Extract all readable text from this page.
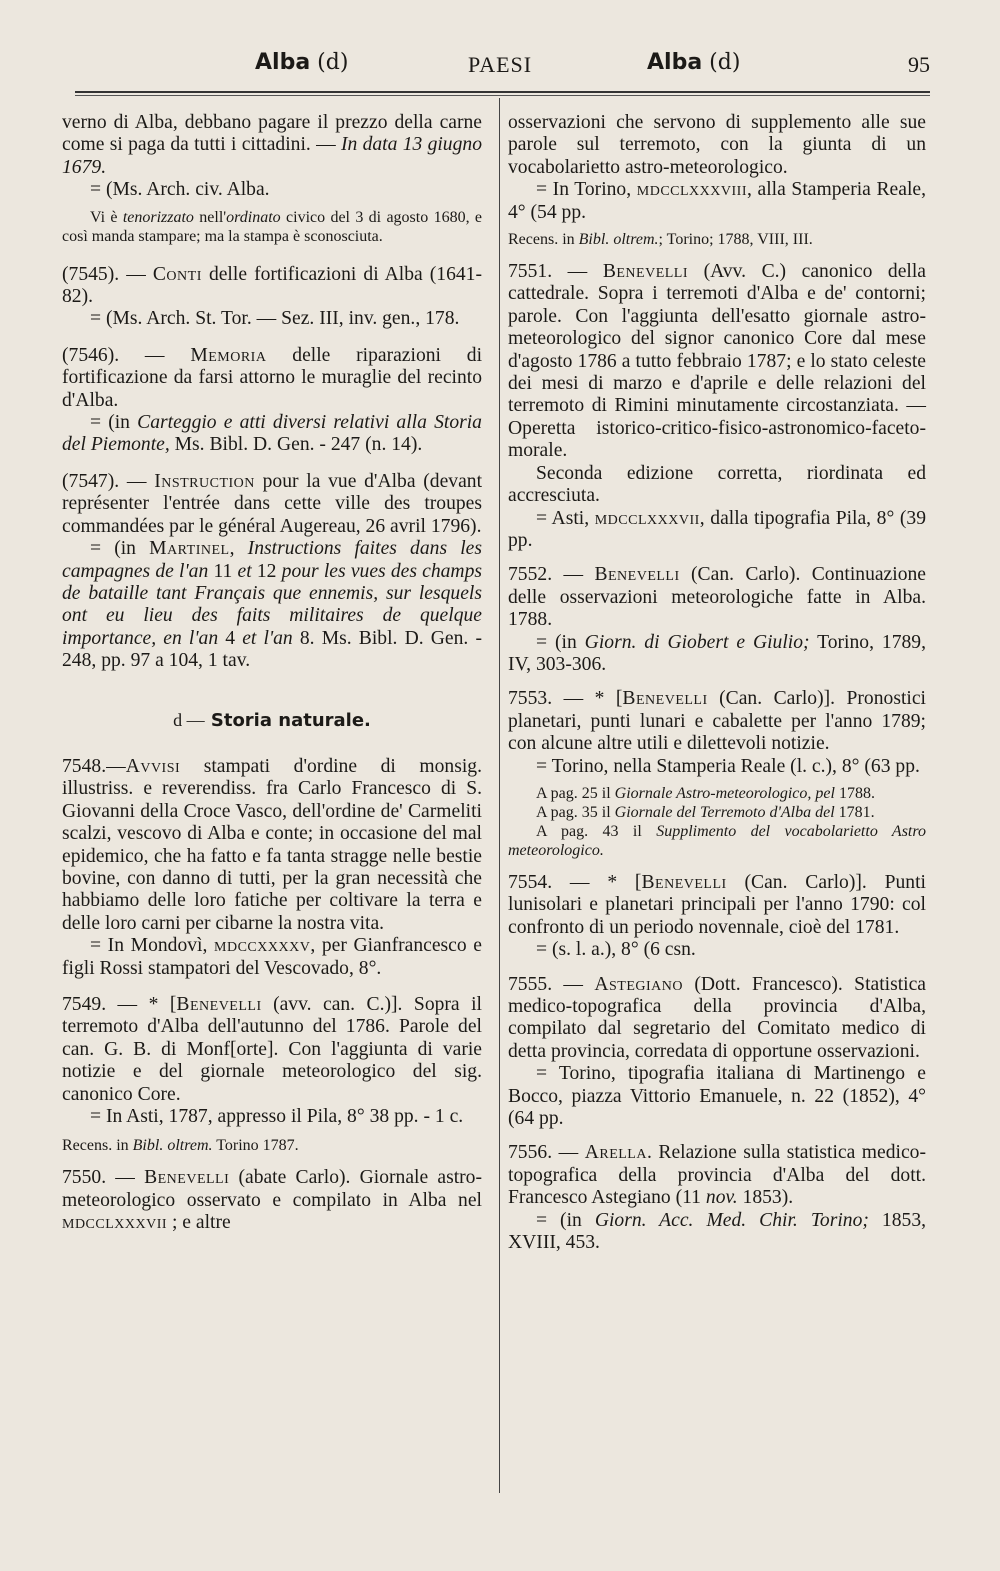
Alba (d)	PAESI	Alba (d)	95

verno di Alba, debbano pagare il prezzo della carne come si paga da tutti i cittadini. — In data 13 giugno 1679.

= (Ms. Arch. civ. Alba.

Vi è tenorizzato nell'ordinato civico del 3 di agosto 1680, e così manda stampare; ma la stampa è sconosciuta.

(7545). — Conti delle fortificazioni di Alba (1641-82).

= (Ms. Arch. St. Tor. — Sez. III, inv. gen., 178.

(7546). — Memoria delle riparazioni di fortificazione da farsi attorno le muraglie del recinto d'Alba.

= (in Carteggio e atti diversi relativi alla Storia del Piemonte, Ms. Bibl. D. Gen. - 247 (n. 14).

(7547). — Instruction pour la vue d'Alba (devant représenter l'entrée dans cette ville des troupes commandées par le général Augereau, 26 avril 1796).

= (in Martinel, Instructions faites dans les campagnes de l'an 11 et 12 pour les vues des champs de bataille tant Français que ennemis, sur lesquels ont eu lieu des faits militaires de quelque importance, en l'an 4 et l'an 8. Ms. Bibl. D. Gen. - 248, pp. 97 a 104, 1 tav.

d — Storia naturale.

7548.—Avvisi stampati d'ordine di monsig. illustriss. e reverendiss. fra Carlo Francesco di S. Giovanni della Croce Vasco, dell'ordine de' Carmeliti scalzi, vescovo di Alba e conte; in occasione del mal epidemico, che ha fatto e fa tanta stragge nelle bestie bovine, con danno di tutti, per la gran necessità che habbiamo delle loro fatiche per coltivare la terra e delle loro carni per cibarne la nostra vita.

= In Mondovì, mdccxxxxv, per Gianfrancesco e figli Rossi stampatori del Vescovado, 8°.

7549. — * [Benevelli (avv. can. C.)]. Sopra il terremoto d'Alba dell'autunno del 1786. Parole del can. G. B. di Monf[orte]. Con l'aggiunta di varie notizie e del giornale meteorologico del sig. canonico Core.

= In Asti, 1787, appresso il Pila, 8° 38 pp. - 1 c.

Recens. in Bibl. oltrem. Torino 1787.

7550. — Benevelli (abate Carlo). Giornale astro-meteorologico osservato e compilato in Alba nel mdcclxxxvii ; e altre

osservazioni che servono di supplemento alle sue parole sul terremoto, con la giunta di un vocabolarietto astro-meteorologico.

= In Torino, mdcclxxxviii, alla Stamperia Reale, 4° (54 pp.

Recens. in Bibl. oltrem.; Torino; 1788, VIII, III.

7551. — Benevelli (Avv. C.) canonico della cattedrale. Sopra i terremoti d'Alba e de' contorni; parole. Con l'aggiunta dell'esatto giornale astro-meteorologico del signor canonico Core dal mese d'agosto 1786 a tutto febbraio 1787; e lo stato celeste dei mesi di marzo e d'aprile e delle relazioni del terremoto di Rimini minutamente circostanziata. — Operetta istorico-critico-fisico-astronomico-faceto-morale.

Seconda edizione corretta, riordinata ed accresciuta.

= Asti, mdcclxxxvii, dalla tipografia Pila, 8° (39 pp.

7552. — Benevelli (Can. Carlo). Continuazione delle osservazioni meteorologiche fatte in Alba. 1788.

= (in Giorn. di Giobert e Giulio; Torino, 1789, IV, 303-306.

7553. — * [Benevelli (Can. Carlo)]. Pronostici planetari, punti lunari e cabalette per l'anno 1789; con alcune altre utili e dilettevoli notizie.

= Torino, nella Stamperia Reale (l. c.), 8° (63 pp.

A pag. 25 il Giornale Astro-meteorologico, pel 1788.

A pag. 35 il Giornale del Terremoto d'Alba del 1781.

A pag. 43 il Supplimento del vocabolarietto Astro meteorologico.

7554. — * [Benevelli (Can. Carlo)]. Punti lunisolari e planetari principali per l'anno 1790: col confronto di un periodo novennale, cioè del 1781.

= (s. l. a.), 8° (6 csn.

7555. — Astegiano (Dott. Francesco). Statistica medico-topografica della provincia d'Alba, compilato dal segretario del Comitato medico di detta provincia, corredata di opportune osservazioni.

= Torino, tipografia italiana di Martinengo e Bocco, piazza Vittorio Emanuele, n. 22 (1852), 4° (64 pp.

7556. — Arella. Relazione sulla statistica medico-topografica della provincia d'Alba del dott. Francesco Astegiano (11 nov. 1853).

= (in Giorn. Acc. Med. Chir. Torino; 1853, XVIII, 453.
